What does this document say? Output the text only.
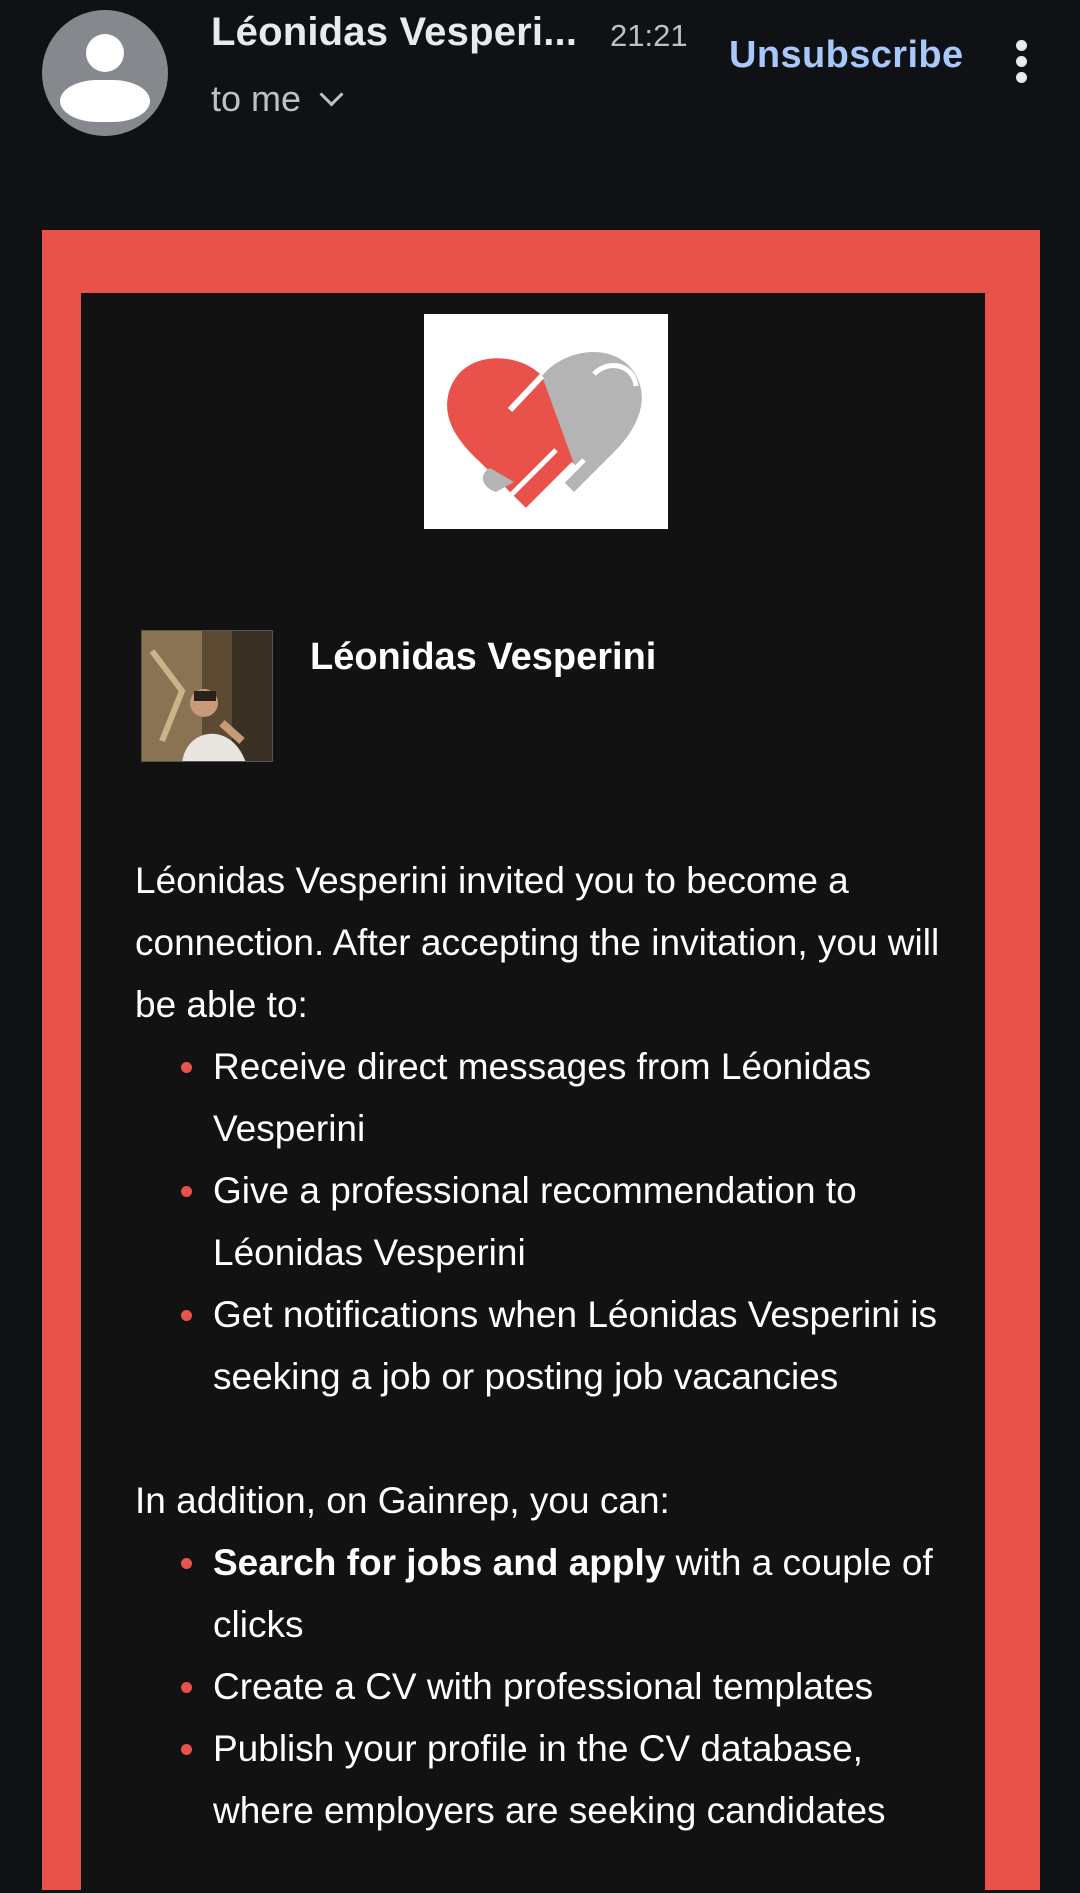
Léonidas Vesperi... 21:21
to me
Unsubscribe
Léonidas Vesperini

Léonidas Vesperini invited you to become a connection. After accepting the invitation, you will be able to:

Receive direct messages from Léonidas Vesperini
Give a professional recommendation to Léonidas Vesperini
Get notifications when Léonidas Vesperini is seeking a job or posting job vacancies

In addition, on Gainrep, you can:

Search for jobs and apply with a couple of clicks
Create a CV with professional templates
Publish your profile in the CV database, where employers are seeking candidates
